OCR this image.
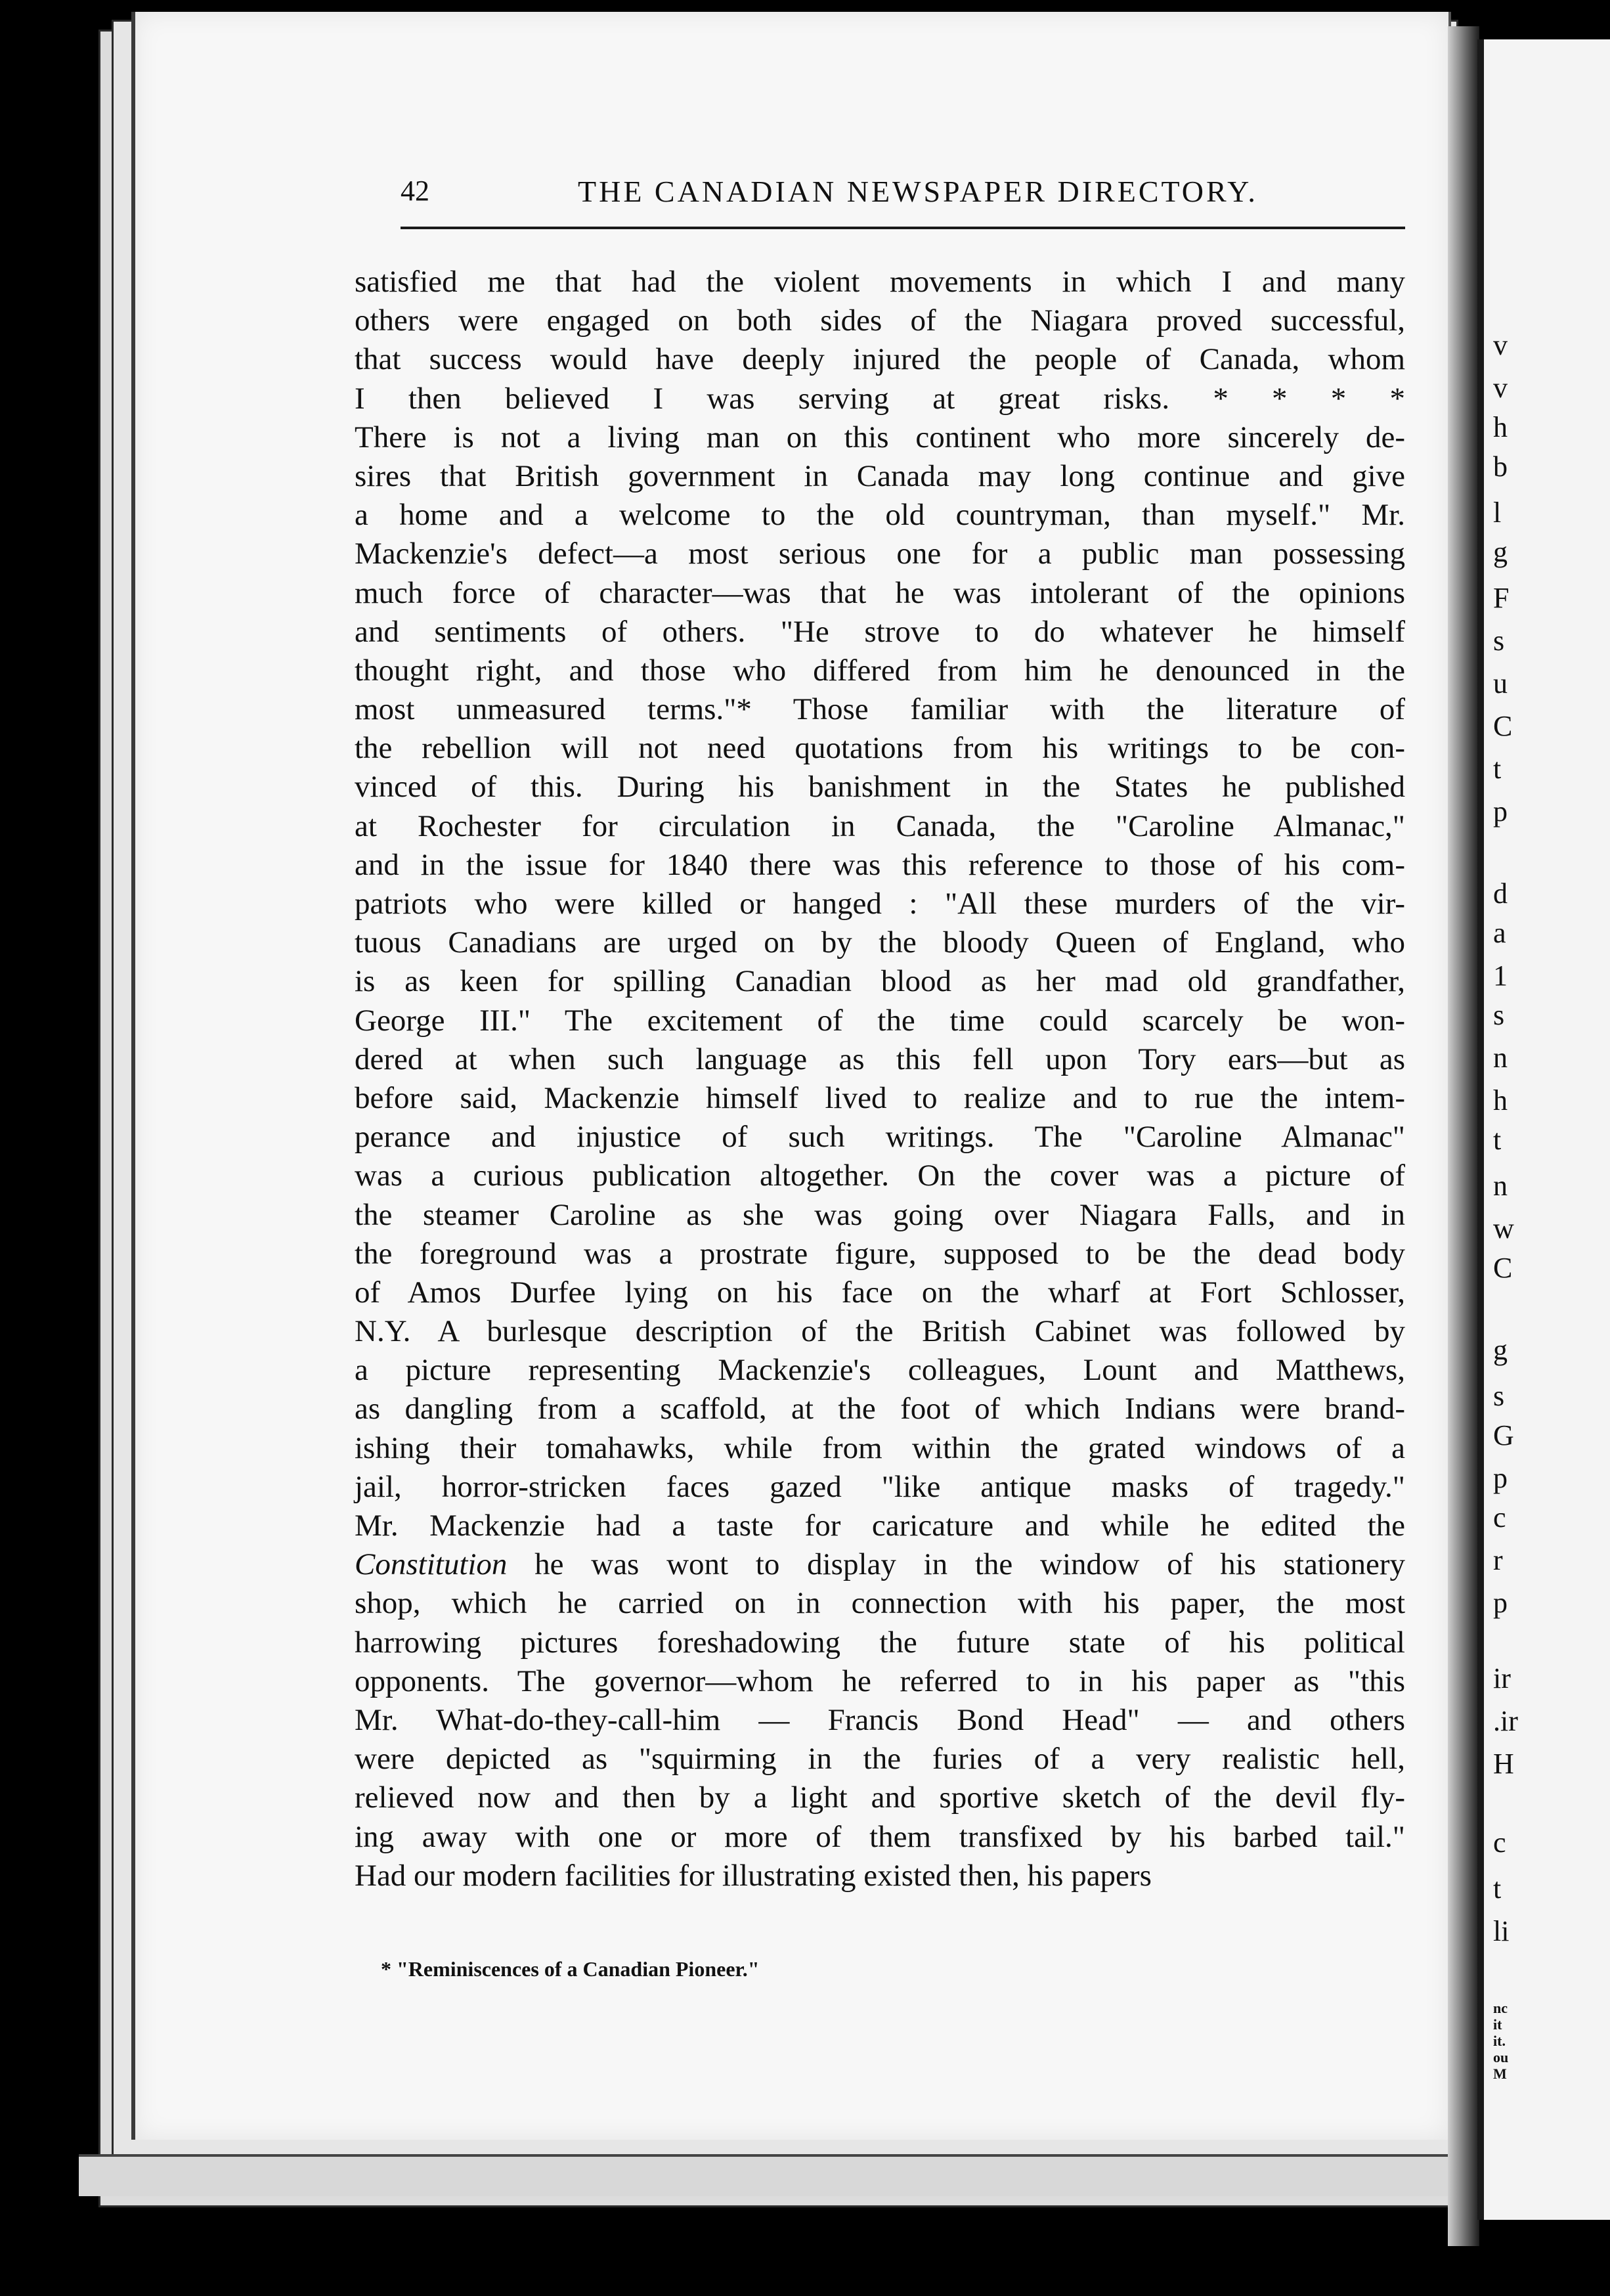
42	THE CANADIAN NEWSPAPER DIRECTORY.
satisfied me that had the violent movements in which I and many
others were engaged on both sides of the Niagara proved successful,
that success would have deeply injured the people of Canada, whom
I then believed I was serving at great risks. * * * *
There is not a living man on this continent who more sincerely de-
sires that British government in Canada may long continue and give
a home and a welcome to the old countryman, than myself." Mr.
Mackenzie's defect—a most serious one for a public man possessing
much force of character—was that he was intolerant of the opinions
and sentiments of others. "He strove to do whatever he himself
thought right, and those who differed from him he denounced in the
most unmeasured terms."* Those familiar with the literature of
the rebellion will not need quotations from his writings to be con-
vinced of this. During his banishment in the States he published
at Rochester for circulation in Canada, the "Caroline Almanac,"
and in the issue for 1840 there was this reference to those of his com-
patriots who were killed or hanged : "All these murders of the vir-
tuous Canadians are urged on by the bloody Queen of England, who
is as keen for spilling Canadian blood as her mad old grandfather,
George III." The excitement of the time could scarcely be won-
dered at when such language as this fell upon Tory ears—but as
before said, Mackenzie himself lived to realize and to rue the intem-
perance and injustice of such writings. The "Caroline Almanac"
was a curious publication altogether. On the cover was a picture of
the steamer Caroline as she was going over Niagara Falls, and in
the foreground was a prostrate figure, supposed to be the dead body
of Amos Durfee lying on his face on the wharf at Fort Schlosser,
N.Y. A burlesque description of the British Cabinet was followed by
a picture representing Mackenzie's colleagues, Lount and Matthews,
as dangling from a scaffold, at the foot of which Indians were brand-
ishing their tomahawks, while from within the grated windows of a
jail, horror-stricken faces gazed "like antique masks of tragedy."
Mr. Mackenzie had a taste for caricature and while he edited the
Constitution he was wont to display in the window of his stationery
shop, which he carried on in connection with his paper, the most
harrowing pictures foreshadowing the future state of his political
opponents. The governor—whom he referred to in his paper as "this
Mr. What-do-they-call-him — Francis Bond Head" — and others
were depicted as "squirming in the furies of a very realistic hell,
relieved now and then by a light and sportive sketch of the devil fly-
ing away with one or more of them transfixed by his barbed tail."
Had our modern facilities for illustrating existed then, his papers
* "Reminiscences of a Canadian Pioneer."
v
v
h
b
l
g
F
s
u
C
t
p
d
a
1
s
n
h
t
n
w
C
g
s
G
p
c
r
p
ir
.ir
H
c
t
li
nc
it
it.
ou
M
